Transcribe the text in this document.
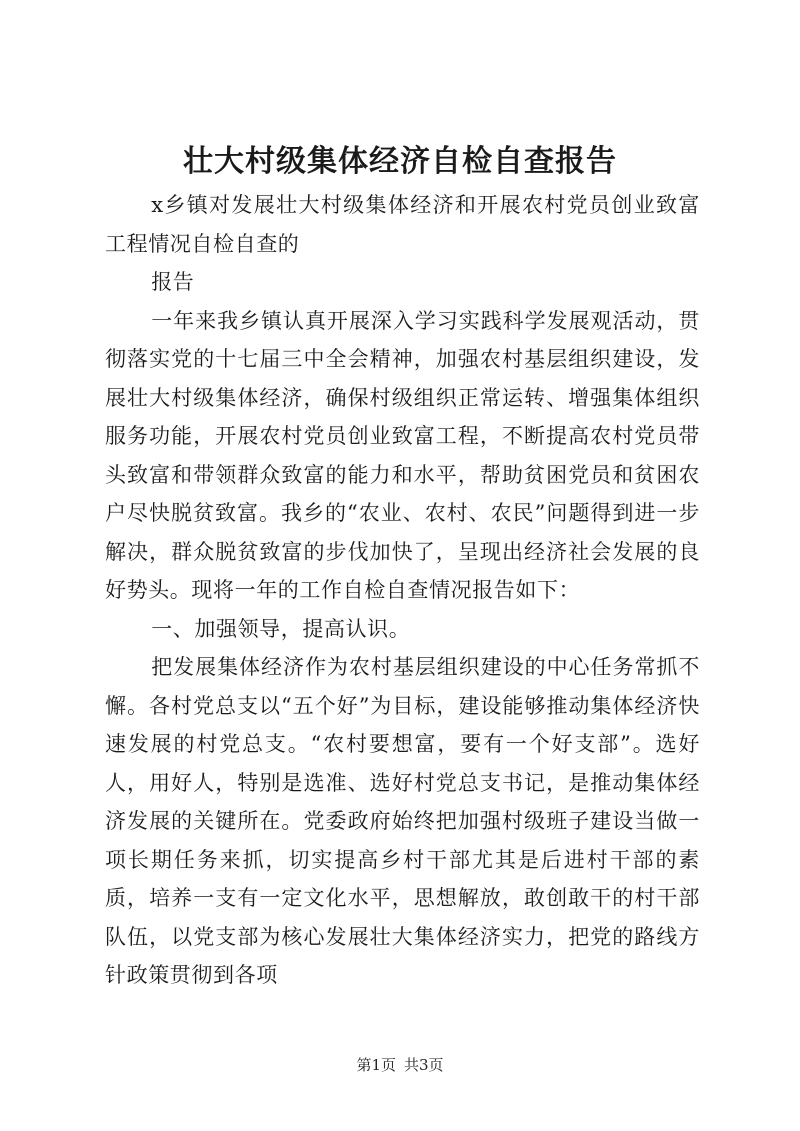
壮大村级集体经济自检自查报告

x乡镇对发展壮大村级集体经济和开展农村党员创业致富工程情况自检自查的

报告

一年来我乡镇认真开展深入学习实践科学发展观活动，贯彻落实党的十七届三中全会精神，加强农村基层组织建设，发展壮大村级集体经济，确保村级组织正常运转、增强集体组织服务功能，开展农村党员创业致富工程，不断提高农村党员带头致富和带领群众致富的能力和水平，帮助贫困党员和贫困农户尽快脱贫致富。我乡的“农业、农村、农民”问题得到进一步解决，群众脱贫致富的步伐加快了，呈现出经济社会发展的良好势头。现将一年的工作自检自查情况报告如下：

一、加强领导，提高认识。

把发展集体经济作为农村基层组织建设的中心任务常抓不懈。各村党总支以“五个好”为目标，建设能够推动集体经济快速发展的村党总支。“农村要想富，要有一个好支部”。选好人，用好人，特别是选准、选好村党总支书记，是推动集体经济发展的关键所在。党委政府始终把加强村级班子建设当做一项长期任务来抓，切实提高乡村干部尤其是后进村干部的素质，培养一支有一定文化水平，思想解放，敢创敢干的村干部队伍，以党支部为核心发展壮大集体经济实力，把党的路线方针政策贯彻到各项

第1页 共3页
